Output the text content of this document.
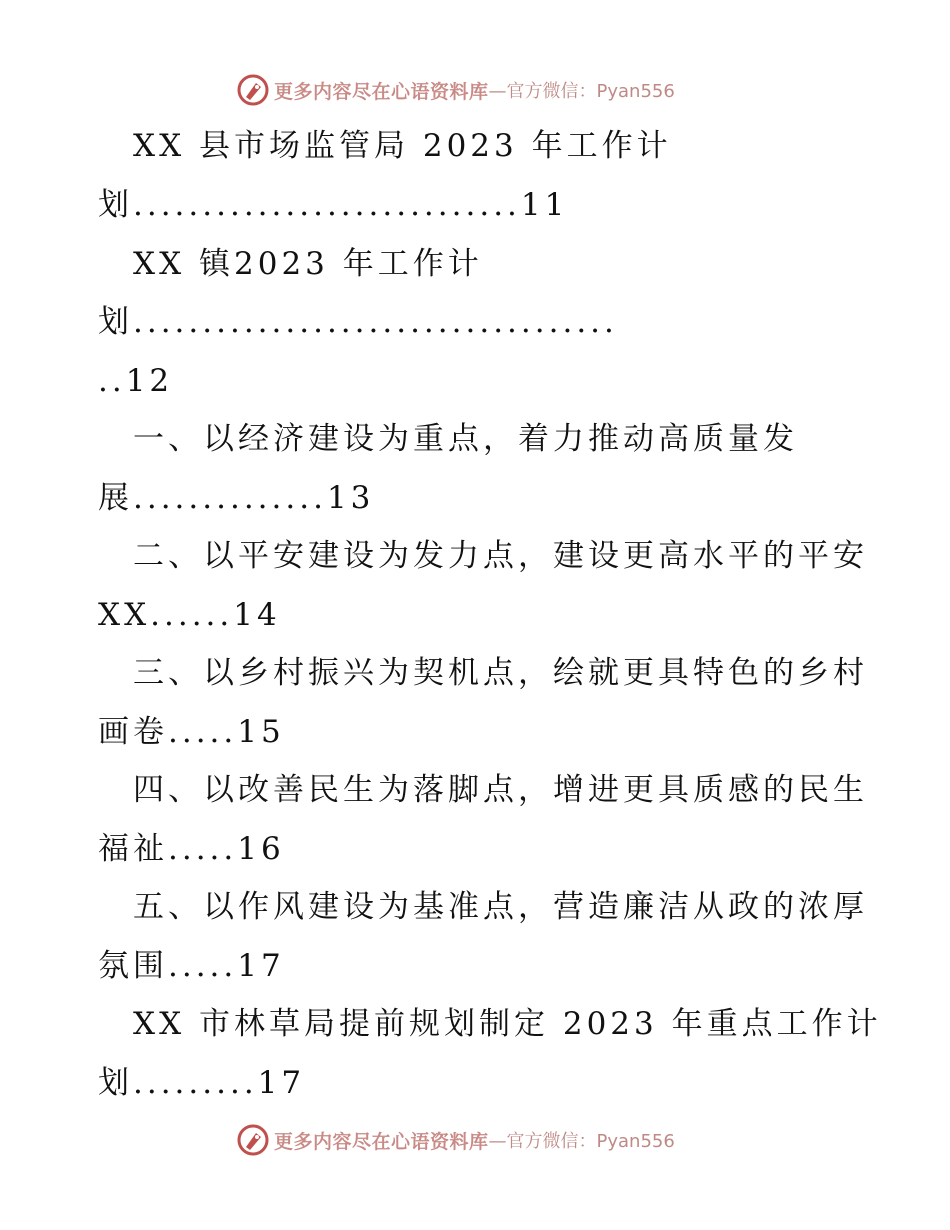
更多内容尽在心语资料库 —官方微信：Pyan556
XX 县市场监管局 2023 年工作计
划............................11
XX 镇2023 年工作计
划...................................
..12
一、以经济建设为重点，着力推动高质量发
展..............13
二、以平安建设为发力点，建设更高水平的平安
XX......14
三、以乡村振兴为契机点，绘就更具特色的乡村
画卷.....15
四、以改善民生为落脚点，增进更具质感的民生
福祉.....16
五、以作风建设为基准点，营造廉洁从政的浓厚
氛围.....17
XX 市林草局提前规划制定 2023 年重点工作计
划.........17
更多内容尽在心语资料库 —官方微信：Pyan556
